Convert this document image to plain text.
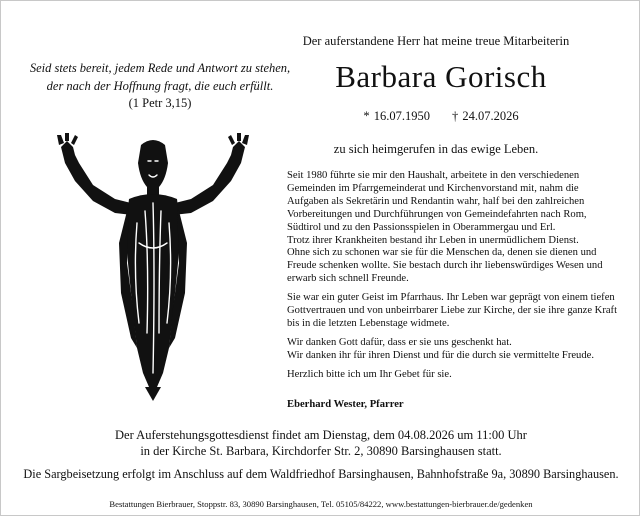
Der auferstandene Herr hat meine treue Mitarbeiterin
Seid stets bereit, jedem Rede und Antwort zu stehen,
der nach der Hoffnung fragt, die euch erfüllt.
(1 Petr 3,15)
Barbara Gorisch
* 16.07.1950 † 24.07.2026
zu sich heimgerufen in das ewige Leben.

Seit 1980 führte sie mir den Haushalt, arbeitete in den verschiedenen
Gemeinden im Pfarrgemeinderat und Kirchenvorstand mit, nahm die
Aufgaben als Sekretärin und Rendantin wahr, half bei den zahlreichen
Vorbereitungen und Durchführungen von Gemeindefahrten nach Rom,
Südtirol und zu den Passionsspielen in Oberammergau und Erl.
Trotz ihrer Krankheiten bestand ihr Leben in unermüdlichem Dienst.
Ohne sich zu schonen war sie für die Menschen da, denen sie dienen und
Freude schenken wollte. Sie bestach durch ihr liebenswürdiges Wesen und
erwarb sich schnell Freunde.

Sie war ein guter Geist im Pfarrhaus. Ihr Leben war geprägt von einem tiefen
Gottvertrauen und von unbeirrbarer Liebe zur Kirche, der sie ihre ganze Kraft
bis in die letzten Lebenstage widmete.

Wir danken Gott dafür, dass er sie uns geschenkt hat.
Wir danken ihr für ihren Dienst und für die durch sie vermittelte Freude.

Herzlich bitte ich um Ihr Gebet für sie.

Eberhard Wester, Pfarrer
Der Auferstehungsgottesdienst findet am Dienstag, dem 04.08.2026 um 11:00 Uhr
in der Kirche St. Barbara, Kirchdorfer Str. 2, 30890 Barsinghausen statt.
Die Sargbeisetzung erfolgt im Anschluss auf dem Waldfriedhof Barsinghausen, Bahnhofstraße 9a, 30890 Barsinghausen.
Bestattungen Bierbrauer, Stoppstr. 83, 30890 Barsinghausen, Tel. 05105/84222, www.bestattungen-bierbrauer.de/gedenken
